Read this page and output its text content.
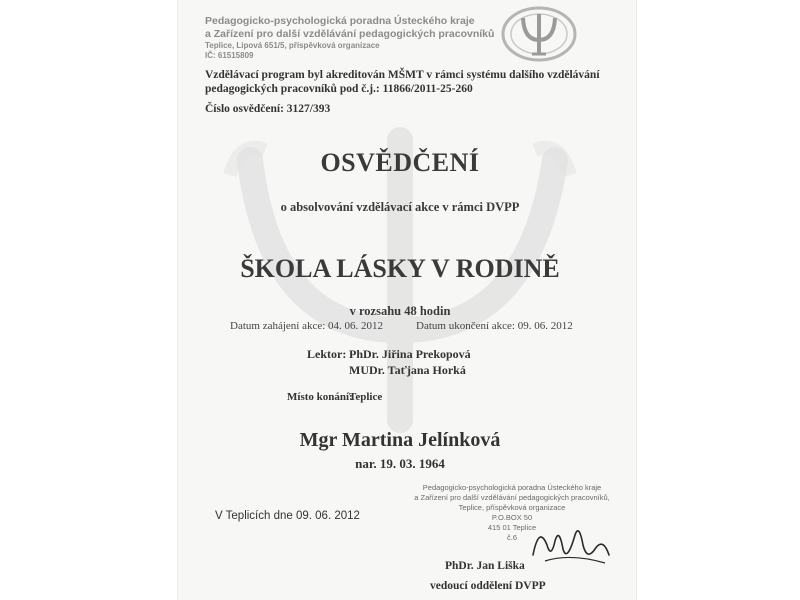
Pedagogicko-psychologická poradna Ústeckého kraje
a Zařízení pro další vzdělávání pedagogických pracovníků
Teplice, Lipová 651/5, příspěvková organizace
IČ: 61515809
Vzdělávací program byl akreditován MŠMT v rámci systému dalšího vzdělávání
pedagogických pracovníků pod č.j.: 11866/2011-25-260
Číslo osvědčení: 3127/393
OSVĚDČENÍ
o absolvování vzdělávací akce v rámci DVPP
ŠKOLA LÁSKY V RODINĚ
v rozsahu 48 hodin
Datum zahájení akce: 04. 06. 2012	Datum ukončení akce: 09. 06. 2012
Lektor: PhDr. Jiřina Prekopová
MUDr. Taťjana Horká
Místo konání:
Teplice
Mgr Martina Jelínková
nar. 19. 03. 1964
Pedagogicko-psychologická poradna Ústeckého kraje
a Zařízení pro další vzdělávání pedagogických pracovníků,
Teplice, příspěvková organizace
P.O.BOX 50
415 01 Teplice
č.6
V Teplicích dne 09. 06. 2012
PhDr. Jan Liška
vedoucí oddělení DVPP
